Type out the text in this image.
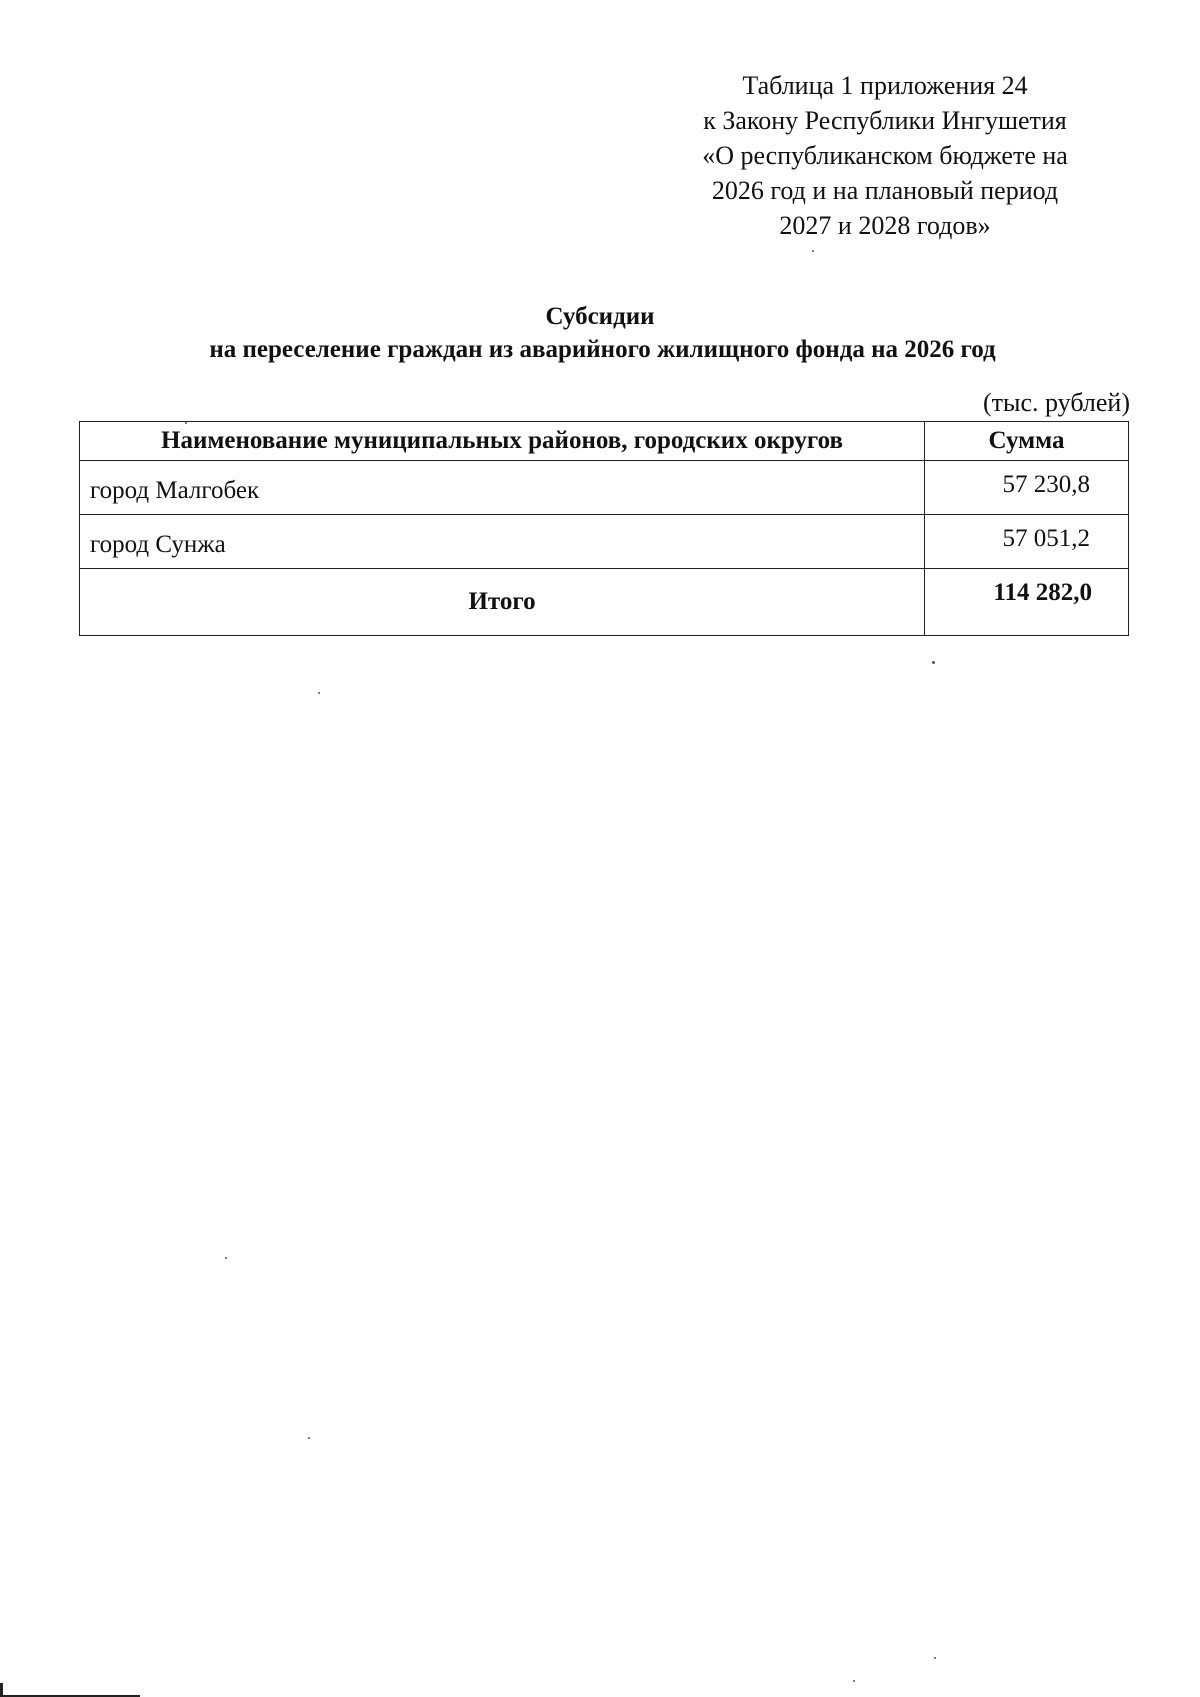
Таблица 1 приложения 24
к Закону Республики Ингушетия
«О республиканском бюджете на
2026 год и на плановый период
2027 и 2028 годов»
Субсидии
на переселение граждан из аварийного жилищного фонда на 2026 год
(тыс. рублей)
Наименование муниципальных районов, городских округов	Сумма
город Малгобек	57 230,8
город Сунжа	57 051,2
Итого	114 282,0
